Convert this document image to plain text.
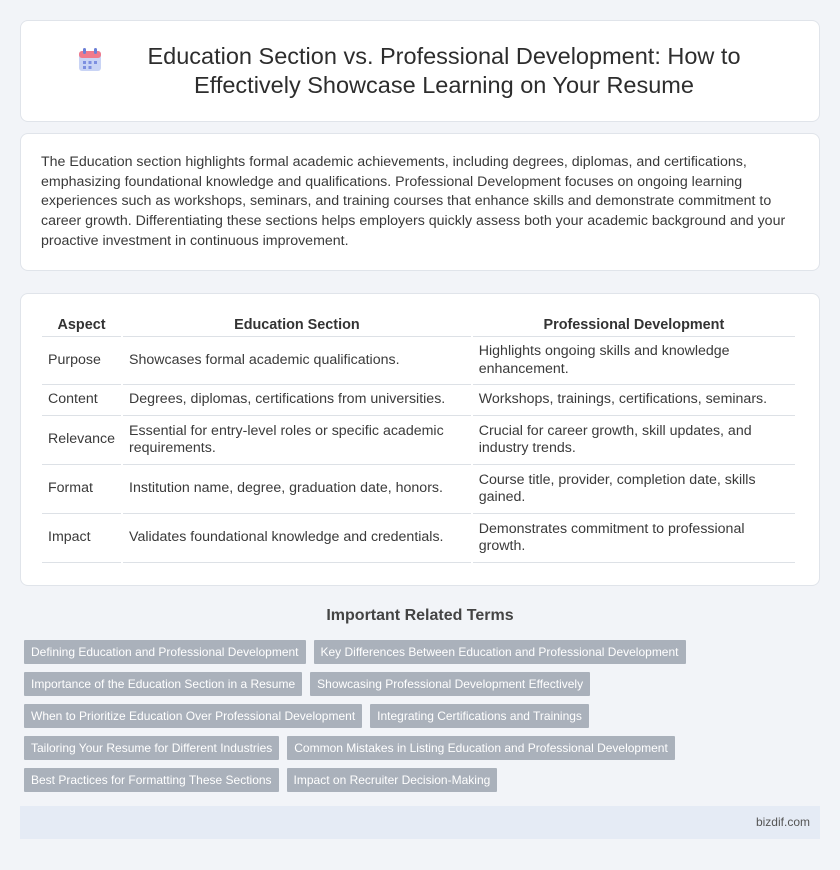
Education Section vs. Professional Development: How to Effectively Showcase Learning on Your Resume

The Education section highlights formal academic achievements, including degrees, diplomas, and certifications, emphasizing foundational knowledge and qualifications. Professional Development focuses on ongoing learning experiences such as workshops, seminars, and training courses that enhance skills and demonstrate commitment to career growth. Differentiating these sections helps employers quickly assess both your academic background and your proactive investment in continuous improvement.

Aspect	Education Section	Professional Development
Purpose	Showcases formal academic qualifications.	Highlights ongoing skills and knowledge enhancement.
Content	Degrees, diplomas, certifications from universities.	Workshops, trainings, certifications, seminars.
Relevance	Essential for entry-level roles or specific academic requirements.	Crucial for career growth, skill updates, and industry trends.
Format	Institution name, degree, graduation date, honors.	Course title, provider, completion date, skills gained.
Impact	Validates foundational knowledge and credentials.	Demonstrates commitment to professional growth.
Important Related Terms
Defining Education and Professional Development	Key Differences Between Education and Professional Development
Importance of the Education Section in a Resume	Showcasing Professional Development Effectively
When to Prioritize Education Over Professional Development	Integrating Certifications and Trainings
Tailoring Your Resume for Different Industries	Common Mistakes in Listing Education and Professional Development
Best Practices for Formatting These Sections	Impact on Recruiter Decision-Making
bizdif.com
